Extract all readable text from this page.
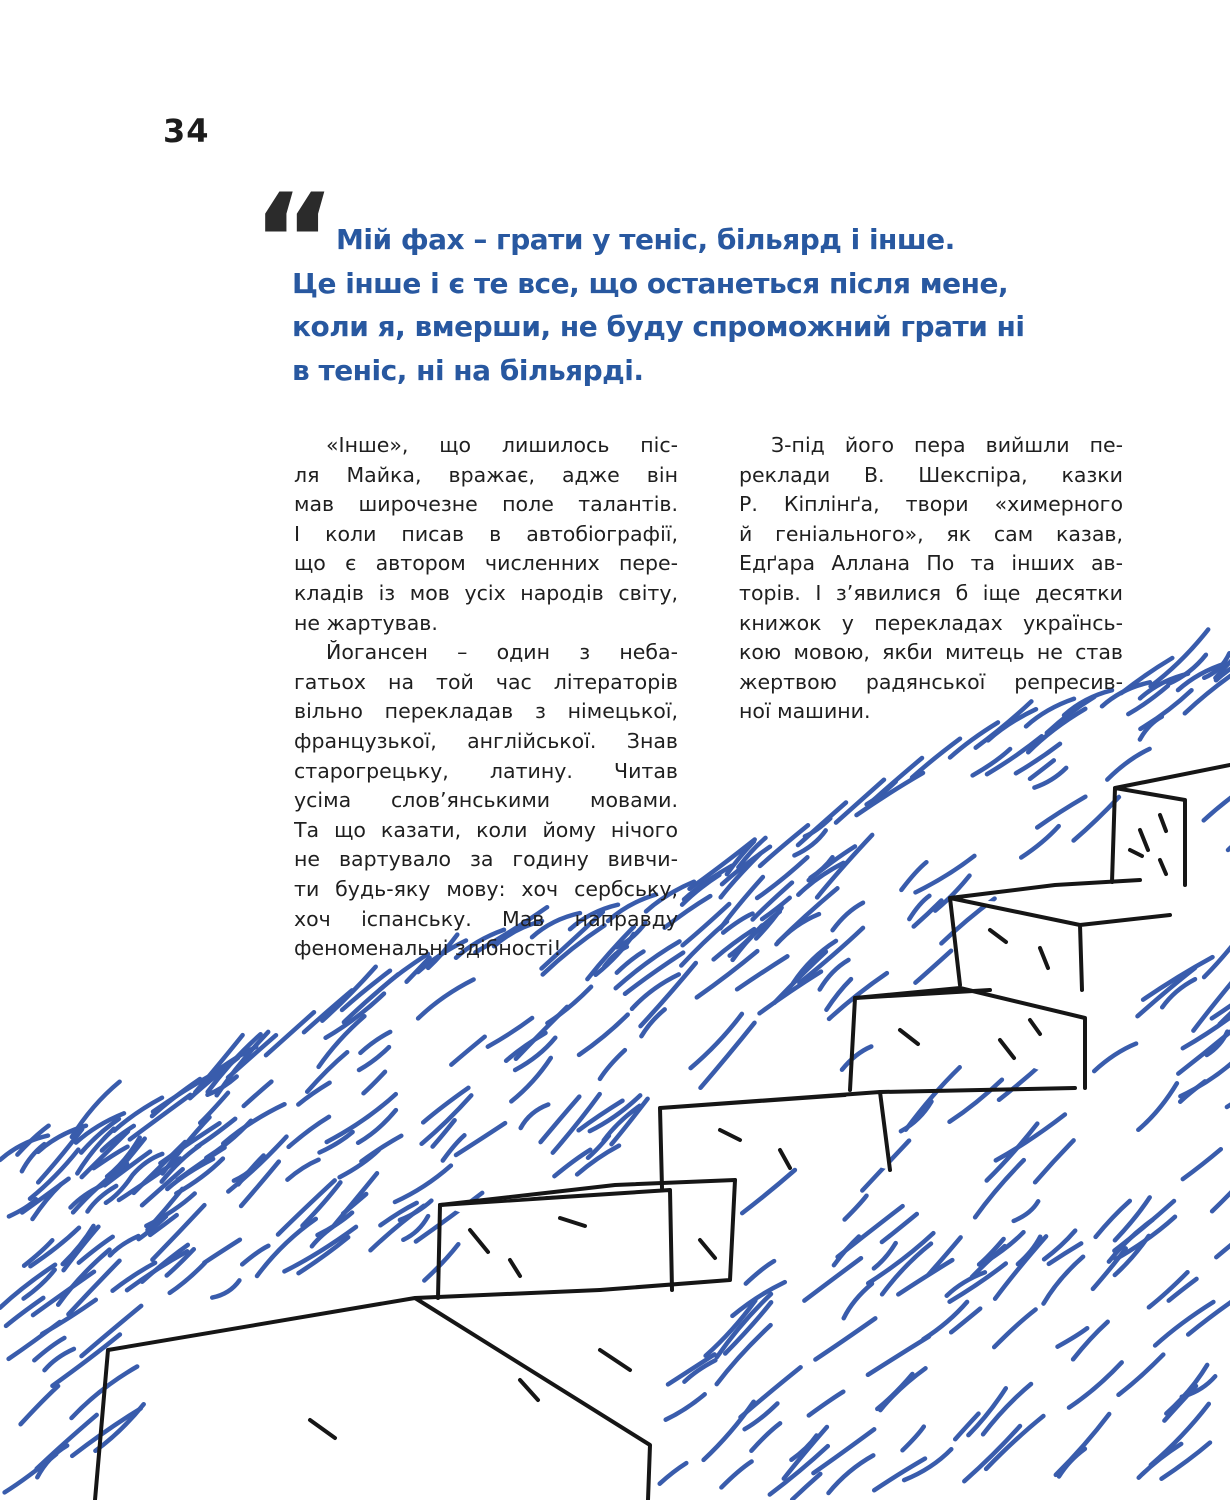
34
“ Мій фах – грати у теніс, більярд і інше.
Це інше і є те все, що останеться після мене,
коли я, вмерши, не буду спроможний грати ні
в теніс, ні на більярді.

«Інше», що лишилось піс-
ля Майка, вражає, адже він
мав широчезне поле талантів.
І коли писав в автобіографії,
що є автором численних пере-
кладів із мов усіх народів світу,
не жартував.

Йогансен – один з неба-
гатьох на той час літераторів
вільно перекладав з німецької,
французької, англійської. Знав
старогрецьку, латину. Читав
усіма слов’янськими мовами.
Та що казати, коли йому нічого
не вартувало за годину вивчи-
ти будь-яку мову: хоч сербську,
хоч іспанську. Мав направду
феноменальні здібності!

З-під його пера вийшли пе-
реклади В. Шекспіра, казки
Р. Кіплінґа, твори «химерного
й геніального», як сам казав,
Едґара Аллана По та інших ав-
торів. І з’явилися б іще десятки
книжок у перекладах українсь-
кою мовою, якби митець не став
жертвою радянської репресив-
ної машини.
